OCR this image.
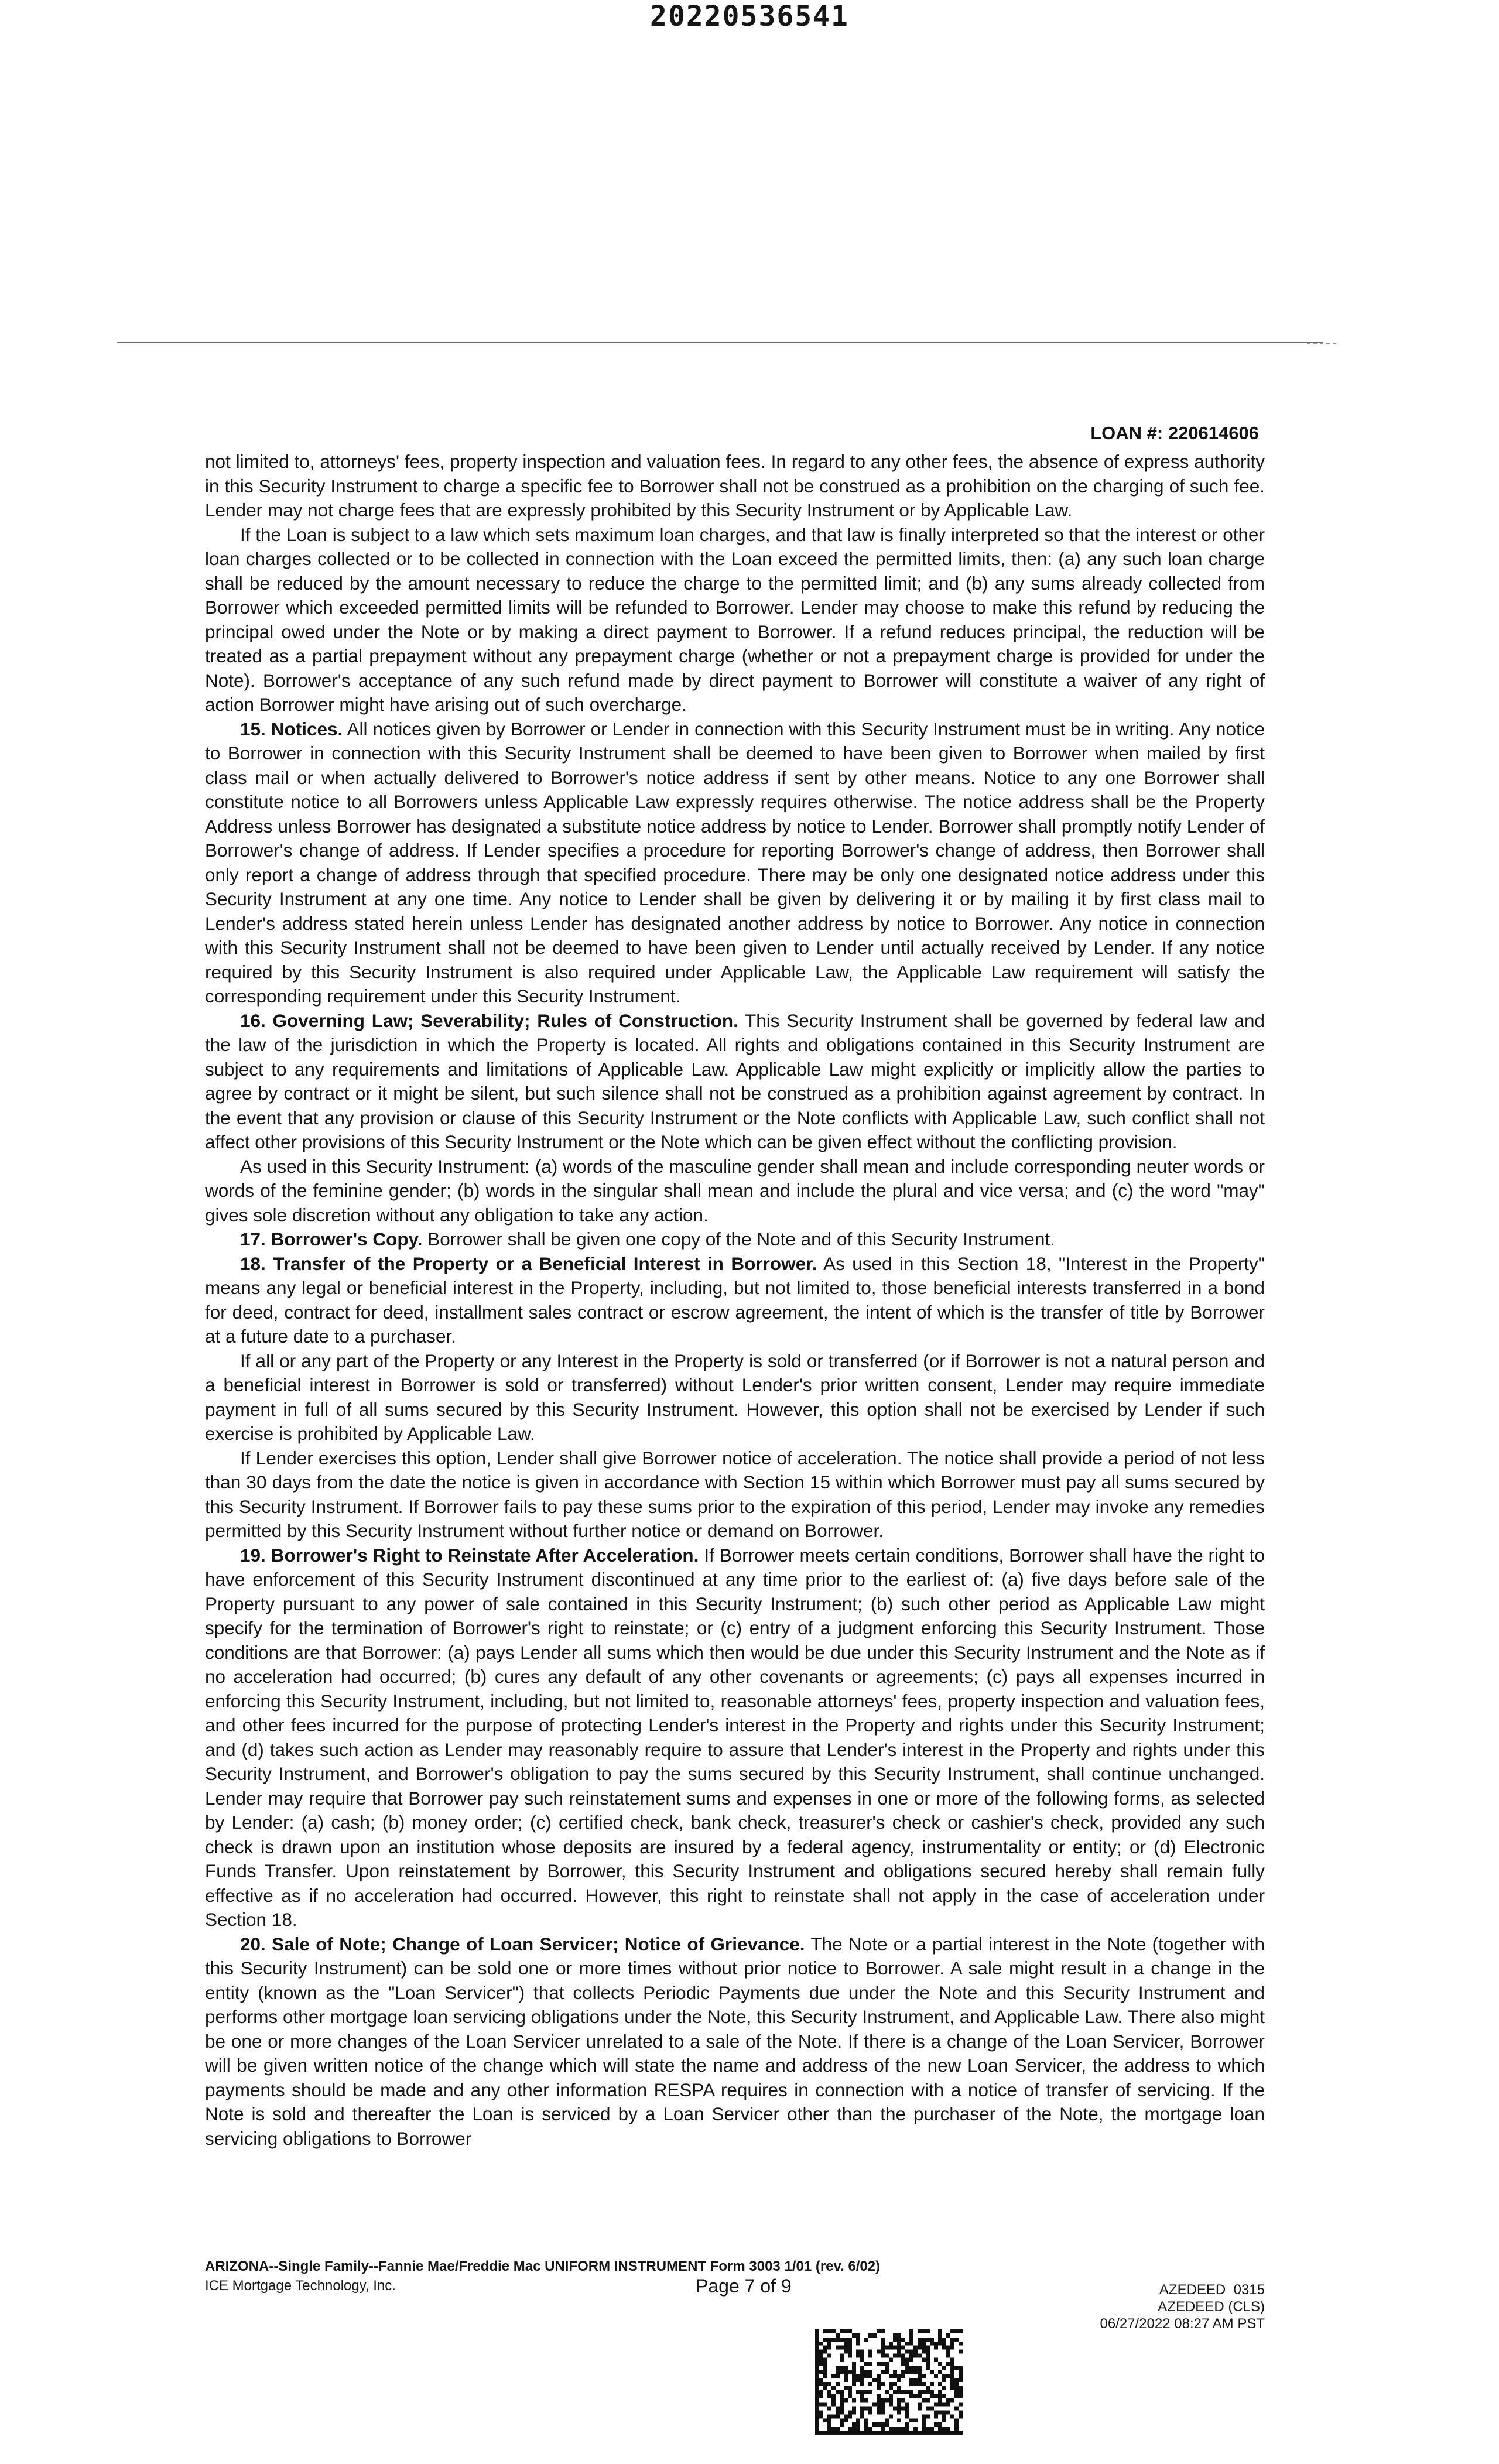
20220536541
LOAN #: 220614606

not limited to, attorneys' fees, property inspection and valuation fees. In regard to any other fees, the absence of express authority in this Security Instrument to charge a specific fee to Borrower shall not be construed as a prohibition on the charging of such fee. Lender may not charge fees that are expressly prohibited by this Security Instrument or by Applicable Law.

If the Loan is subject to a law which sets maximum loan charges, and that law is finally interpreted so that the interest or other loan charges collected or to be collected in connection with the Loan exceed the permitted limits, then: (a) any such loan charge shall be reduced by the amount necessary to reduce the charge to the permitted limit; and (b) any sums already collected from Borrower which exceeded permitted limits will be refunded to Borrower. Lender may choose to make this refund by reducing the principal owed under the Note or by making a direct payment to Borrower. If a refund reduces principal, the reduction will be treated as a partial prepayment without any prepayment charge (whether or not a prepayment charge is provided for under the Note). Borrower's acceptance of any such refund made by direct payment to Borrower will constitute a waiver of any right of action Borrower might have arising out of such overcharge.

15. Notices. All notices given by Borrower or Lender in connection with this Security Instrument must be in writing. Any notice to Borrower in connection with this Security Instrument shall be deemed to have been given to Borrower when mailed by first class mail or when actually delivered to Borrower's notice address if sent by other means. Notice to any one Borrower shall constitute notice to all Borrowers unless Applicable Law expressly requires otherwise. The notice address shall be the Property Address unless Borrower has designated a substitute notice address by notice to Lender. Borrower shall promptly notify Lender of Borrower's change of address. If Lender specifies a procedure for reporting Borrower's change of address, then Borrower shall only report a change of address through that specified procedure. There may be only one designated notice address under this Security Instrument at any one time. Any notice to Lender shall be given by delivering it or by mailing it by first class mail to Lender's address stated herein unless Lender has designated another address by notice to Borrower. Any notice in connection with this Security Instrument shall not be deemed to have been given to Lender until actually received by Lender. If any notice required by this Security Instrument is also required under Applicable Law, the Applicable Law requirement will satisfy the corresponding requirement under this Security Instrument.

16. Governing Law; Severability; Rules of Construction. This Security Instrument shall be governed by federal law and the law of the jurisdiction in which the Property is located. All rights and obligations contained in this Security Instrument are subject to any requirements and limitations of Applicable Law. Applicable Law might explicitly or implicitly allow the parties to agree by contract or it might be silent, but such silence shall not be construed as a prohibition against agreement by contract. In the event that any provision or clause of this Security Instrument or the Note conflicts with Applicable Law, such conflict shall not affect other provisions of this Security Instrument or the Note which can be given effect without the conflicting provision.

As used in this Security Instrument: (a) words of the masculine gender shall mean and include corresponding neuter words or words of the feminine gender; (b) words in the singular shall mean and include the plural and vice versa; and (c) the word "may" gives sole discretion without any obligation to take any action.

17. Borrower's Copy. Borrower shall be given one copy of the Note and of this Security Instrument.

18. Transfer of the Property or a Beneficial Interest in Borrower. As used in this Section 18, "Interest in the Property" means any legal or beneficial interest in the Property, including, but not limited to, those beneficial interests transferred in a bond for deed, contract for deed, installment sales contract or escrow agreement, the intent of which is the transfer of title by Borrower at a future date to a purchaser.

If all or any part of the Property or any Interest in the Property is sold or transferred (or if Borrower is not a natural person and a beneficial interest in Borrower is sold or transferred) without Lender's prior written consent, Lender may require immediate payment in full of all sums secured by this Security Instrument. However, this option shall not be exercised by Lender if such exercise is prohibited by Applicable Law.

If Lender exercises this option, Lender shall give Borrower notice of acceleration. The notice shall provide a period of not less than 30 days from the date the notice is given in accordance with Section 15 within which Borrower must pay all sums secured by this Security Instrument. If Borrower fails to pay these sums prior to the expiration of this period, Lender may invoke any remedies permitted by this Security Instrument without further notice or demand on Borrower.

19. Borrower's Right to Reinstate After Acceleration. If Borrower meets certain conditions, Borrower shall have the right to have enforcement of this Security Instrument discontinued at any time prior to the earliest of: (a) five days before sale of the Property pursuant to any power of sale contained in this Security Instrument; (b) such other period as Applicable Law might specify for the termination of Borrower's right to reinstate; or (c) entry of a judgment enforcing this Security Instrument. Those conditions are that Borrower: (a) pays Lender all sums which then would be due under this Security Instrument and the Note as if no acceleration had occurred; (b) cures any default of any other covenants or agreements; (c) pays all expenses incurred in enforcing this Security Instrument, including, but not limited to, reasonable attorneys' fees, property inspection and valuation fees, and other fees incurred for the purpose of protecting Lender's interest in the Property and rights under this Security Instrument; and (d) takes such action as Lender may reasonably require to assure that Lender's interest in the Property and rights under this Security Instrument, and Borrower's obligation to pay the sums secured by this Security Instrument, shall continue unchanged. Lender may require that Borrower pay such reinstatement sums and expenses in one or more of the following forms, as selected by Lender: (a) cash; (b) money order; (c) certified check, bank check, treasurer's check or cashier's check, provided any such check is drawn upon an institution whose deposits are insured by a federal agency, instrumentality or entity; or (d) Electronic Funds Transfer. Upon reinstatement by Borrower, this Security Instrument and obligations secured hereby shall remain fully effective as if no acceleration had occurred. However, this right to reinstate shall not apply in the case of acceleration under Section 18.

20. Sale of Note; Change of Loan Servicer; Notice of Grievance. The Note or a partial interest in the Note (together with this Security Instrument) can be sold one or more times without prior notice to Borrower. A sale might result in a change in the entity (known as the "Loan Servicer") that collects Periodic Payments due under the Note and this Security Instrument and performs other mortgage loan servicing obligations under the Note, this Security Instrument, and Applicable Law. There also might be one or more changes of the Loan Servicer unrelated to a sale of the Note. If there is a change of the Loan Servicer, Borrower will be given written notice of the change which will state the name and address of the new Loan Servicer, the address to which payments should be made and any other information RESPA requires in connection with a notice of transfer of servicing. If the Note is sold and thereafter the Loan is serviced by a Loan Servicer other than the purchaser of the Note, the mortgage loan servicing obligations to Borrower

ARIZONA--Single Family--Fannie Mae/Freddie Mac UNIFORM INSTRUMENT Form 3003 1/01 (rev. 6/02)
ICE Mortgage Technology, Inc.	Page 7 of 9	AZEDEED  0315
AZEDEED (CLS)
06/27/2022 08:27 AM PST
